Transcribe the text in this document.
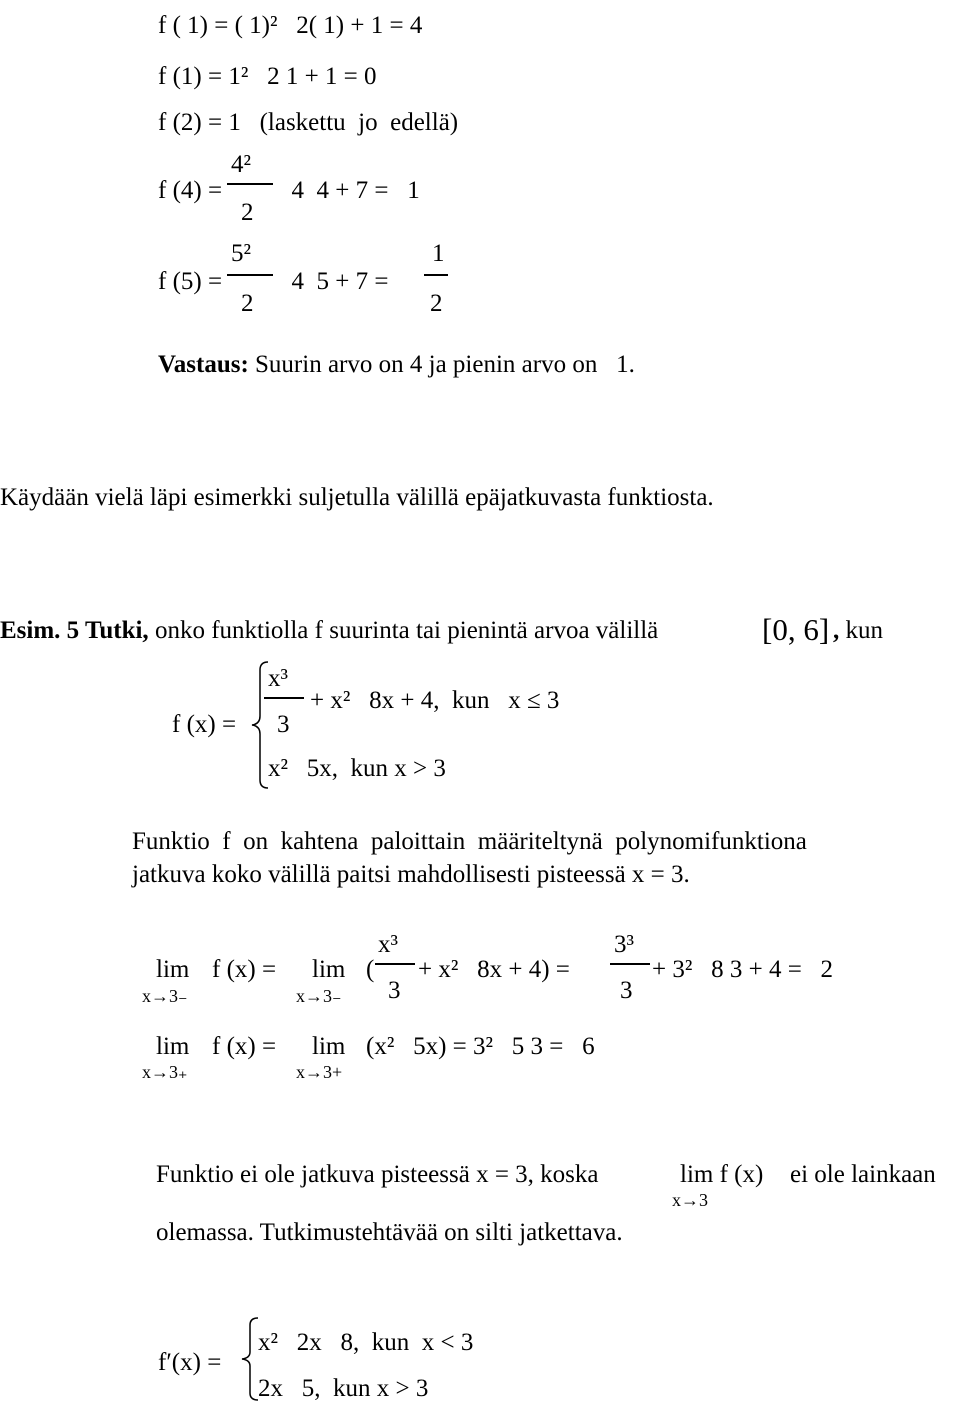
f ( 1) = ( 1)²   2( 1) + 1 = 4
f (1) = 1²   2 1 + 1 = 0
f (2) = 1   (laskettu  jo  edellä)
f (4) =
4²
2
4  4 + 7 =   1
f (5) =
5²
2
4  5 + 7 =
1
2
Vastaus: Suurin arvo on 4 ja pienin arvo on   1.
Käydään vielä läpi esimerkki suljetulla välillä epäjatkuvasta funktiosta.
Esim. 5 Tutki, onko funktiolla f suurinta tai pienintä arvoa välillä	[0, 6] , kun
f (x) =
x³
3
+ x²   8x + 4,  kun   x ≤ 3
x²   5x,  kun x > 3
Funktio  f  on  kahtena  paloittain  määriteltynä  polynomifunktiona
jatkuva koko välillä paitsi mahdollisesti pisteessä x = 3.
lim
x→3₋
f (x) = lim
x→3₋
(
x³
3
+ x²   8x + 4) =
3³
3
+ 3²   8 3 + 4 =   2
lim
x→3₊
f (x) = lim
x→3+
(x²   5x) = 3²   5 3 =   6
Funktio ei ole jatkuva pisteessä x = 3, koska	lim f (x)
x→3
ei ole lainkaan
olemassa. Tutkimustehtävää on silti jatkettava.
f′(x) =
x²   2x   8,  kun  x < 3
2x   5,  kun x > 3
